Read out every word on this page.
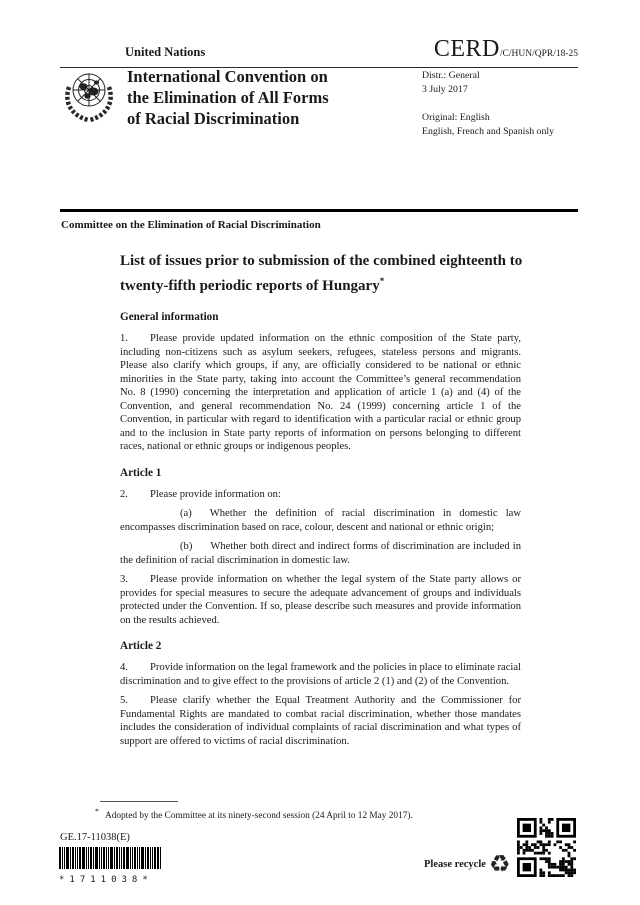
United Nations	CERD/C/HUN/QPR/18-25
International Convention on
the Elimination of All Forms
of Racial Discrimination
Distr.: General
3 July 2017
Original: English
English, French and Spanish only
Committee on the Elimination of Racial Discrimination
List of issues prior to submission of the combined eighteenth to twenty-fifth periodic reports of Hungary*
General information

1. Please provide updated information on the ethnic composition of the State party, including non-citizens such as asylum seekers, refugees, stateless persons and migrants. Please also clarify which groups, if any, are officially considered to be national or ethnic minorities in the State party, taking into account the Committee’s general recommendation No. 8 (1990) concerning the interpretation and application of article 1 (a) and (4) of the Convention, and general recommendation No. 24 (1999) concerning article 1 of the Convention, in particular with regard to identification with a particular racial or ethnic group and to the inclusion in State party reports of information on persons belonging to different races, national or ethnic groups or indigenous peoples.

Article 1

2. Please provide information on:

(a) Whether the definition of racial discrimination in domestic law encompasses discrimination based on race, colour, descent and national or ethnic origin;

(b) Whether both direct and indirect forms of discrimination are included in the definition of racial discrimination in domestic law.

3. Please provide information on whether the legal system of the State party allows or provides for special measures to secure the adequate advancement of groups and individuals protected under the Convention. If so, please describe such measures and provide information on the results achieved.

Article 2

4. Provide information on the legal framework and the policies in place to eliminate racial discrimination and to give effect to the provisions of article 2 (1) and (2) of the Convention.

5. Please clarify whether the Equal Treatment Authority and the Commissioner for Fundamental Rights are mandated to combat racial discrimination, whether those mandates includes the consideration of individual complaints of racial discrimination and what types of support are offered to victims of racial discrimination.

* Adopted by the Committee at its ninety-second session (24 April to 12 May 2017).
GE.17-11038(E)
*1711038*
Please recycle ♻
